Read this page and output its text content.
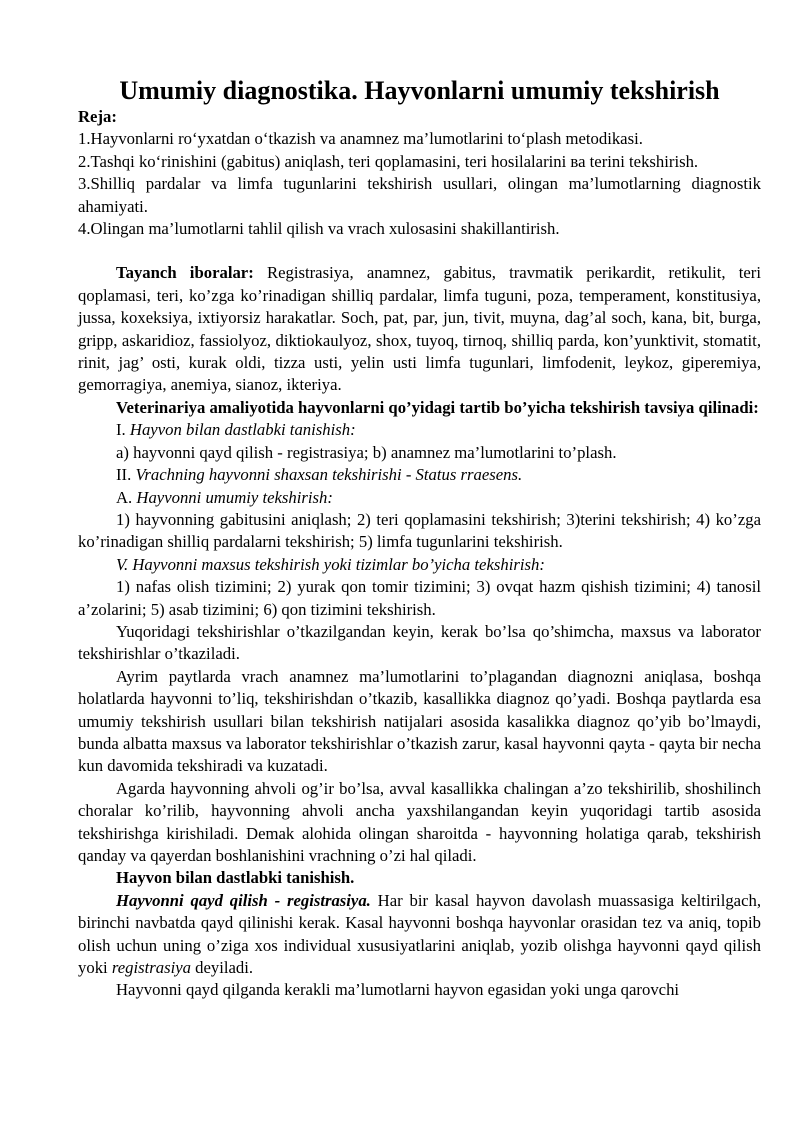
Umumiy diagnostika. Hayvonlarni umumiy tekshirish

Reja:

1.Hayvonlarni ro‘yxatdan o‘tkazish va anamnez ma’lumotlarini to‘plash metodikasi.

2.Tashqi ko‘rinishini (gabitus) aniqlash, teri qoplamasini, teri hosilalarini ва terini tekshirish.

3.Shilliq pardalar va limfa tugunlarini tekshirish usullari, olingan ma’lumotlarning diagnostik ahamiyati.

4.Olingan ma’lumotlarni tahlil qilish va vrach xulosasini shakillantirish.

Tayanch iboralar: Registrasiya, anamnez, gabitus, travmatik perikardit, retikulit, teri qoplamasi, teri, ko’zga ko’rinadigan shilliq pardalar, limfa tuguni, poza, temperament, konstitusiya, jussa, koxeksiya, ixtiyorsiz harakatlar. Soch, pat, par, jun, tivit, muyna, dag’al soch, kana, bit, burga, gripp, askaridioz, fassiolyoz, diktiokaulyoz, shox, tuyoq, tirnoq, shilliq parda, kon’yunktivit, stomatit, rinit, jag’ osti, kurak oldi, tizza usti, yelin usti limfa tugunlari, limfodenit, leykoz, giperemiya, gemorragiya, anemiya, sianoz, ikteriya.

Veterinariya amaliyotida hayvonlarni qo’yidagi tartib bo’yicha tekshirish tavsiya qilinadi:

I. Hayvon bilan dastlabki tanishish:

a) hayvonni qayd qilish - registrasiya; b) anamnez ma’lumotlarini to’plash.

II. Vrachning hayvonni shaxsan tekshirishi - Status rraesens.

A. Hayvonni umumiy tekshirish:

1) hayvonning gabitusini aniqlash; 2) teri qoplamasini tekshirish; 3)terini tekshirish; 4) ko’zga ko’rinadigan shilliq pardalarni tekshirish; 5) limfa tugunlarini tekshirish.

V. Hayvonni maxsus tekshirish yoki tizimlar bo’yicha tekshirish:

1) nafas olish tizimini; 2) yurak qon tomir tizimini; 3) ovqat hazm qishish tizimini; 4) tanosil a’zolarini; 5) asab tizimini; 6) qon tizimini tekshirish.

Yuqoridagi tekshirishlar o’tkazilgandan keyin, kerak bo’lsa qo’shimcha, maxsus va laborator tekshirishlar o’tkaziladi.

Ayrim paytlarda vrach anamnez ma’lumotlarini to’plagandan diagnozni aniqlasa, boshqa holatlarda hayvonni to’liq, tekshirishdan o’tkazib, kasallikka diagnoz qo’yadi. Boshqa paytlarda esa umumiy tekshirish usullari bilan tekshirish natijalari asosida kasalikka diagnoz qo’yib bo’lmaydi, bunda albatta maxsus va laborator tekshirishlar o’tkazish zarur, kasal hayvonni qayta - qayta bir necha kun davomida tekshiradi va kuzatadi.

Agarda hayvonning ahvoli og’ir bo’lsa, avval kasallikka chalingan a’zo tekshirilib, shoshilinch choralar ko’rilib, hayvonning ahvoli ancha yaxshilangandan keyin yuqoridagi tartib asosida tekshirishga kirishiladi. Demak alohida olingan sharoitda - hayvonning holatiga qarab, tekshirish qanday va qayerdan boshlanishini vrachning o’zi hal qiladi.

Hayvon bilan dastlabki tanishish.

Hayvonni qayd qilish - registrasiya. Har bir kasal hayvon davolash muassasiga keltirilgach, birinchi navbatda qayd qilinishi kerak. Kasal hayvonni boshqa hayvonlar orasidan tez va aniq, topib olish uchun uning o’ziga xos individual xususiyatlarini aniqlab, yozib olishga hayvonni qayd qilish yoki registrasiya deyiladi.

Hayvonni qayd qilganda kerakli ma’lumotlarni hayvon egasidan yoki unga qarovchi
